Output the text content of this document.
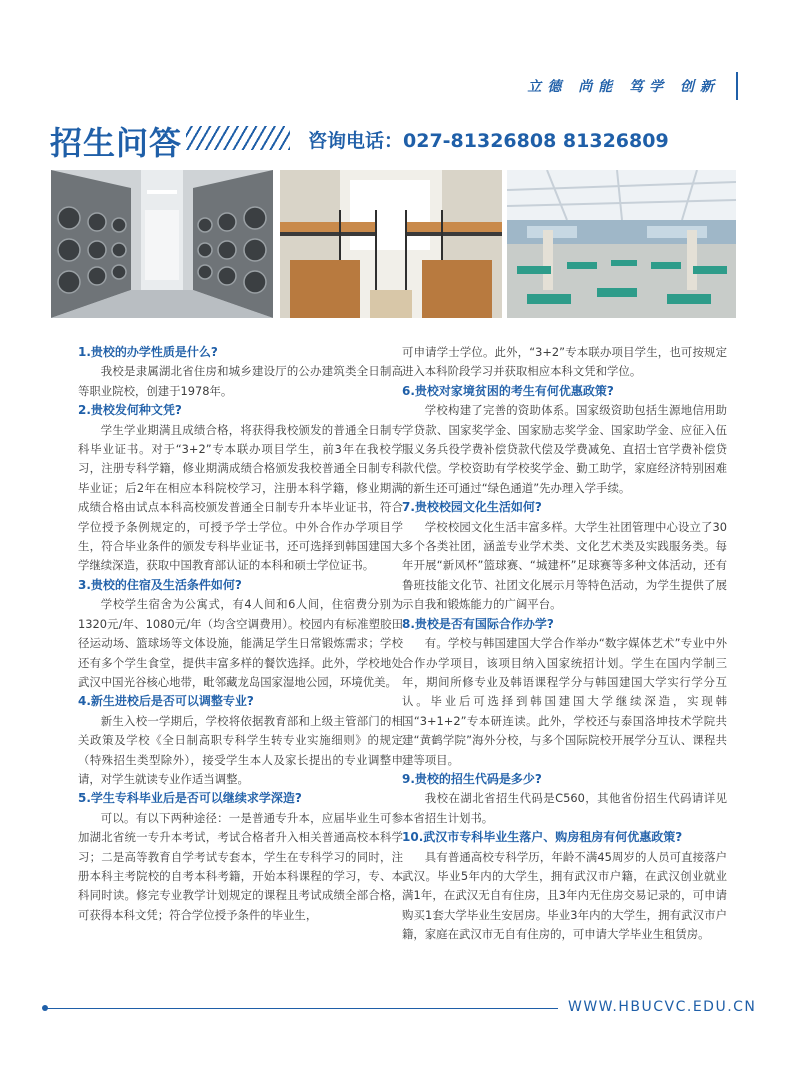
立德 尚能 笃学 创新
招生问答	咨询电话：027-81326808 81326809
1.贵校的办学性质是什么?
我校是隶属湖北省住房和城乡建设厅的公办建筑类全日制高等职业院校，创建于1978年。
2.贵校发何种文凭?
学生学业期满且成绩合格，将获得我校颁发的普通全日制专科毕业证书。对于“3+2”专本联办项目学生，前3年在我校学习，注册专科学籍，修业期满成绩合格颁发我校普通全日制专科毕业证；后2年在相应本科院校学习，注册本科学籍，修业期满成绩合格由试点本科高校颁发普通全日制专升本毕业证书，符合学位授予条例规定的，可授予学士学位。中外合作办学项目学生，符合毕业条件的颁发专科毕业证书，还可选择到韩国建国大学继续深造，获取中国教育部认证的本科和硕士学位证书。
3.贵校的住宿及生活条件如何?
学校学生宿舍为公寓式，有4人间和6人间，住宿费分别为1320元/年、1080元/年（均含空调费用）。校园内有标准塑胶田径运动场、篮球场等文体设施，能满足学生日常锻炼需求；学校还有多个学生食堂，提供丰富多样的餐饮选择。此外，学校地处武汉中国光谷核心地带，毗邻藏龙岛国家湿地公园，环境优美。
4.新生进校后是否可以调整专业?
新生入校一学期后，学校将依据教育部和上级主管部门的相关政策及学校《全日制高职专科学生转专业实施细则》的规定（特殊招生类型除外），接受学生本人及家长提出的专业调整申请，对学生就读专业作适当调整。
5.学生专科毕业后是否可以继续求学深造?
可以。有以下两种途径：一是普通专升本，应届毕业生可参加湖北省统一专升本考试，考试合格者升入相关普通高校本科学习；二是高等教育自学考试专套本，学生在专科学习的同时，注册本科主考院校的自考本科考籍，开始本科课程的学习，专、本科同时读。修完专业教学计划规定的课程且考试成绩全部合格，可获得本科文凭；符合学位授予条件的毕业生，
可申请学士学位。此外，“3+2”专本联办项目学生，也可按规定进入本科阶段学习并获取相应本科文凭和学位。
6.贵校对家境贫困的考生有何优惠政策?
学校构建了完善的资助体系。国家级资助包括生源地信用助学贷款、国家奖学金、国家励志奖学金、国家助学金、应征入伍服义务兵役学费补偿贷款代偿及学费减免、直招士官学费补偿贷款代偿。学校资助有学校奖学金、勤工助学，家庭经济特别困难的新生还可通过“绿色通道”先办理入学手续。
7.贵校校园文化生活如何?
学校校园文化生活丰富多样。大学生社团管理中心设立了30多个各类社团，涵盖专业学术类、文化艺术类及实践服务类。每年开展“新风杯”篮球赛、“城建杯”足球赛等多种文体活动，还有鲁班技能文化节、社团文化展示月等特色活动，为学生提供了展示自我和锻炼能力的广阔平台。
8.贵校是否有国际合作办学?
有。学校与韩国建国大学合作举办“数字媒体艺术”专业中外合作办学项目，该项目纳入国家统招计划。学生在国内学制三年，期间所修专业及韩语课程学分与韩国建国大学实行学分互认。毕业后可选择到韩国建国大学继续深造，实现韩国“3+1+2”专本研连读。此外，学校还与泰国洛坤技术学院共建“黄鹤学院”海外分校，与多个国际院校开展学分互认、课程共建等项目。
9.贵校的招生代码是多少?
我校在湖北省招生代码是C560，其他省份招生代码请详见本省招生计划书。
10.武汉市专科毕业生落户、购房租房有何优惠政策?
具有普通高校专科学历，年龄不满45周岁的人员可直接落户武汉。毕业5年内的大学生，拥有武汉市户籍，在武汉创业就业满1年，在武汉无自有住房，且3年内无住房交易记录的，可申请购买1套大学毕业生安居房。毕业3年内的大学生，拥有武汉市户籍，家庭在武汉市无自有住房的，可申请大学毕业生租赁房。
WWW.HBUCVC.EDU.CN
